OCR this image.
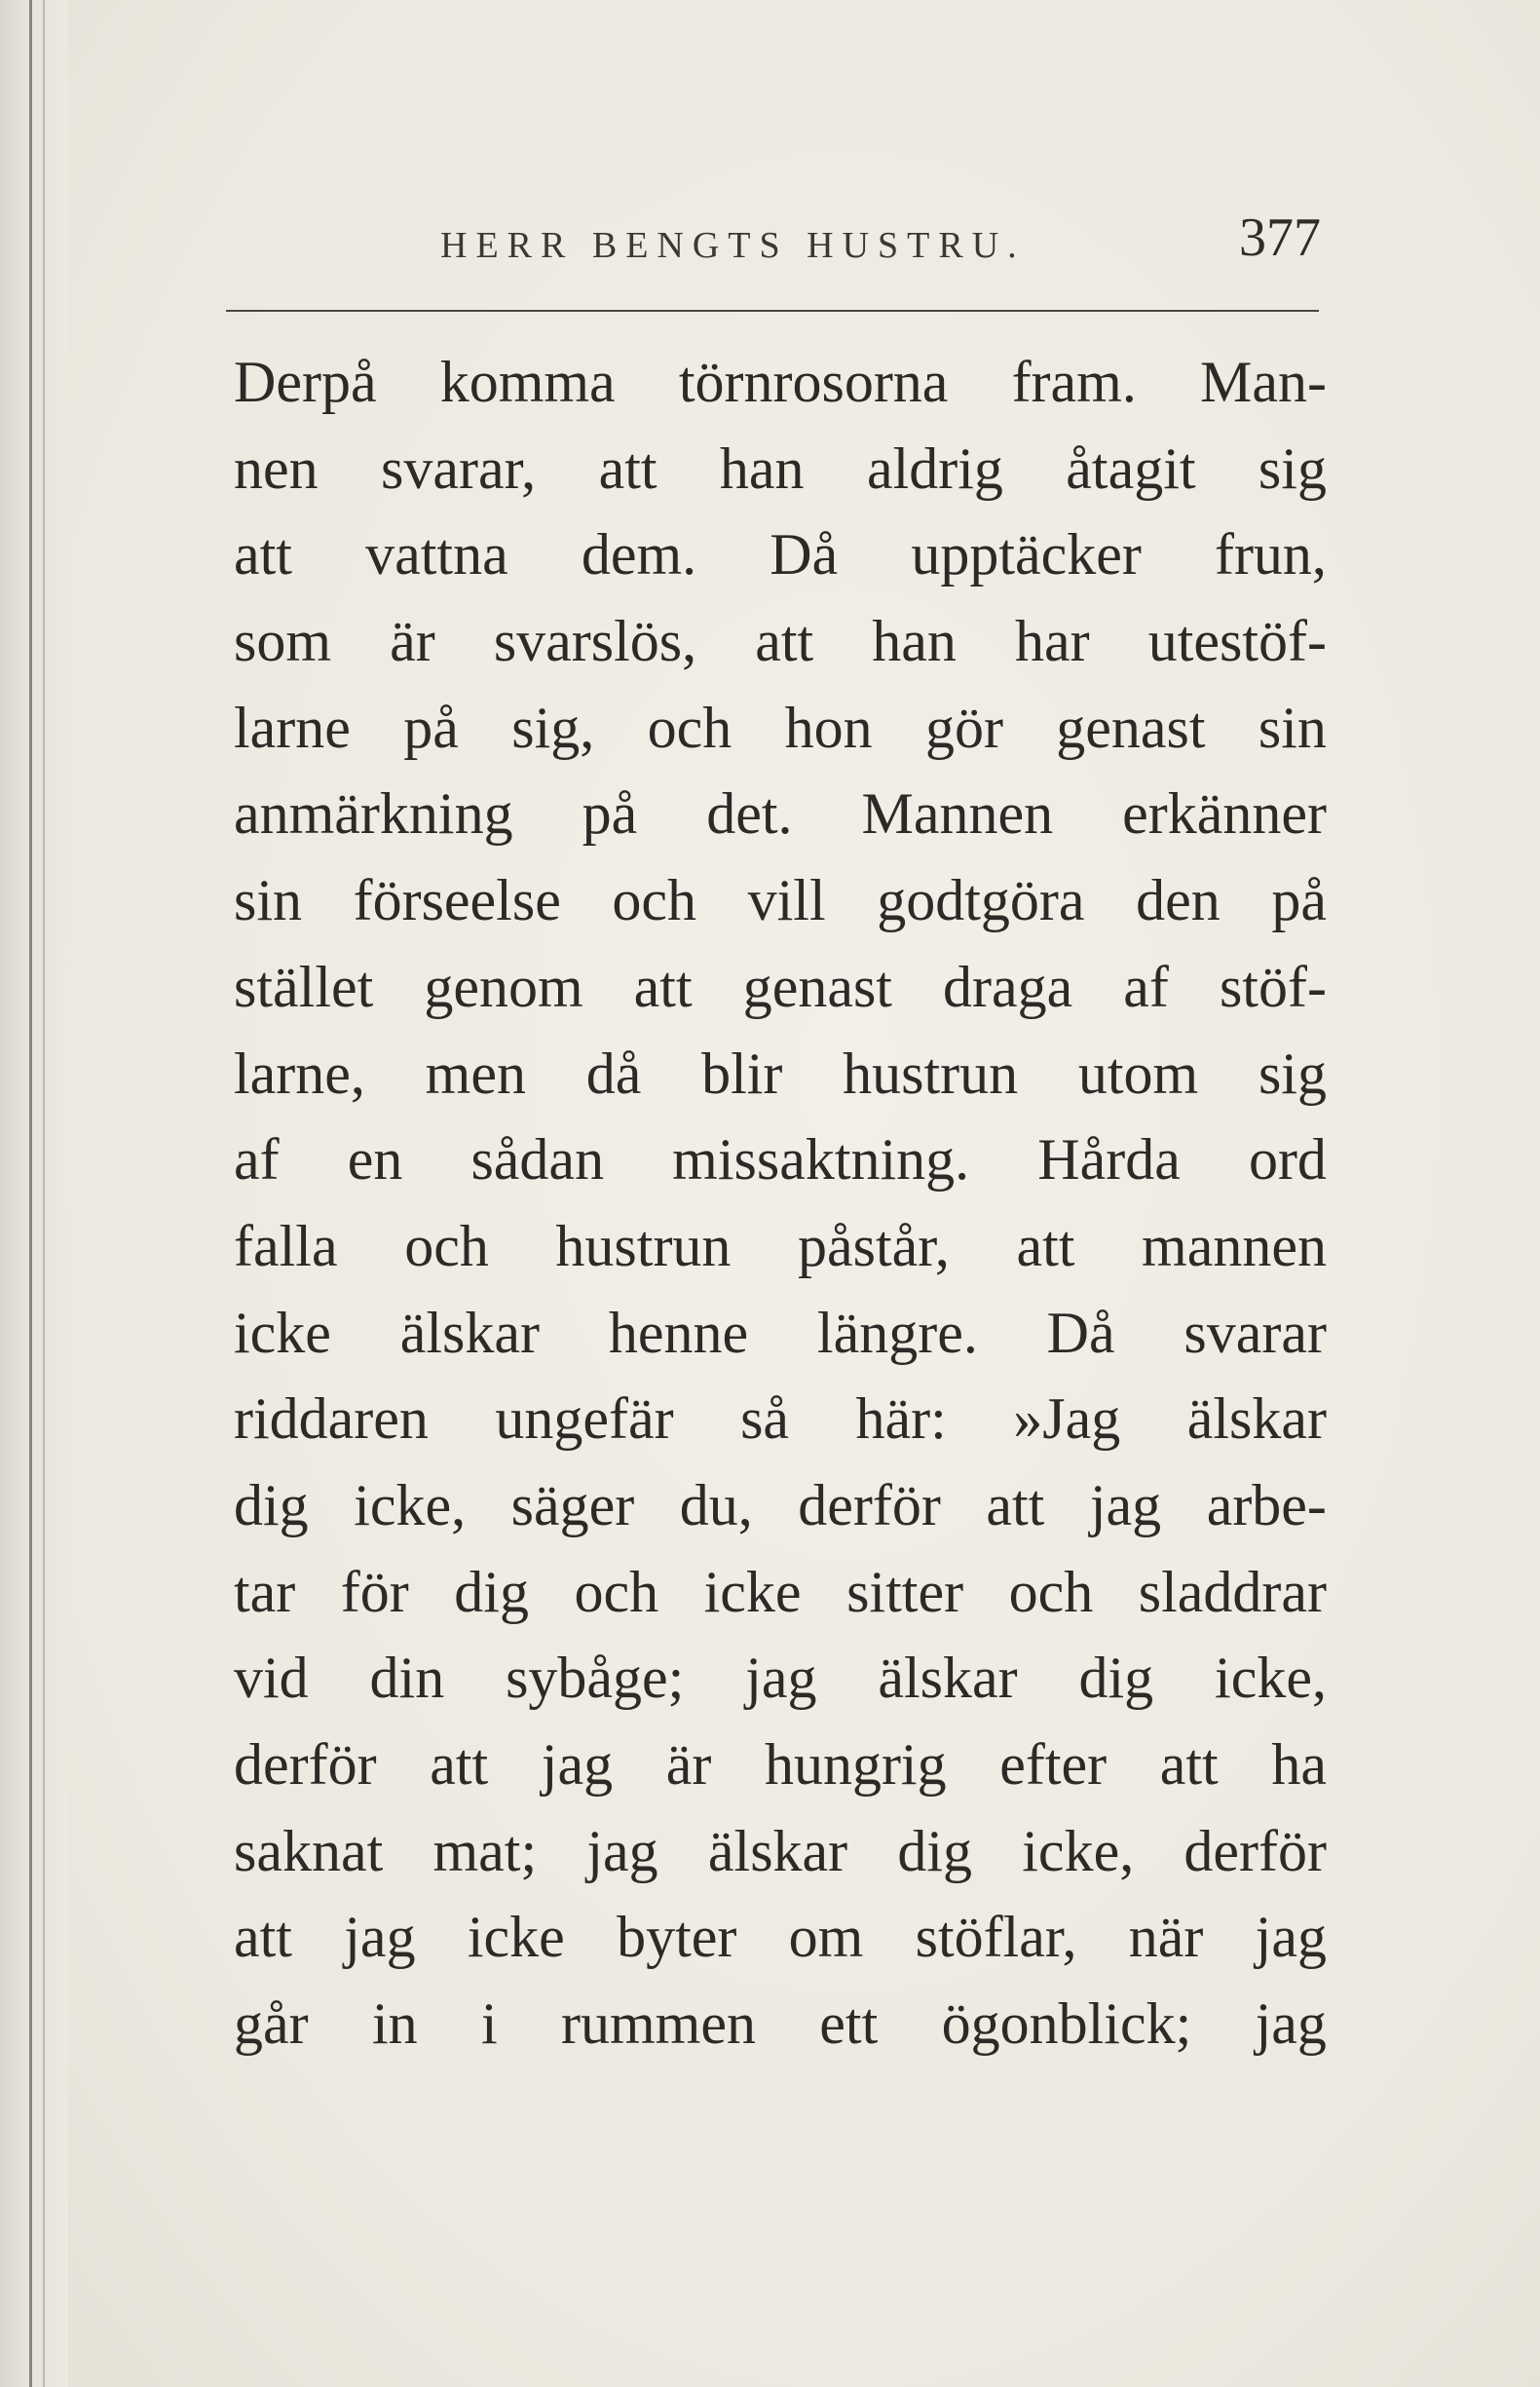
HERR BENGTS HUSTRU.	377
Derpå komma törnrosorna fram. Man-
nen svarar, att han aldrig åtagit sig
att vattna dem. Då upptäcker frun,
som är svarslös, att han har utestöf-
larne på sig, och hon gör genast sin
anmärkning på det. Mannen erkänner
sin förseelse och vill godtgöra den på
stället genom att genast draga af stöf-
larne, men då blir hustrun utom sig
af en sådan missaktning. Hårda ord
falla och hustrun påstår, att mannen
icke älskar henne längre. Då svarar
riddaren ungefär så här: »Jag älskar
dig icke, säger du, derför att jag arbe-
tar för dig och icke sitter och sladdrar
vid din sybåge; jag älskar dig icke,
derför att jag är hungrig efter att ha
saknat mat; jag älskar dig icke, derför
att jag icke byter om stöflar, när jag
går in i rummen ett ögonblick; jag
